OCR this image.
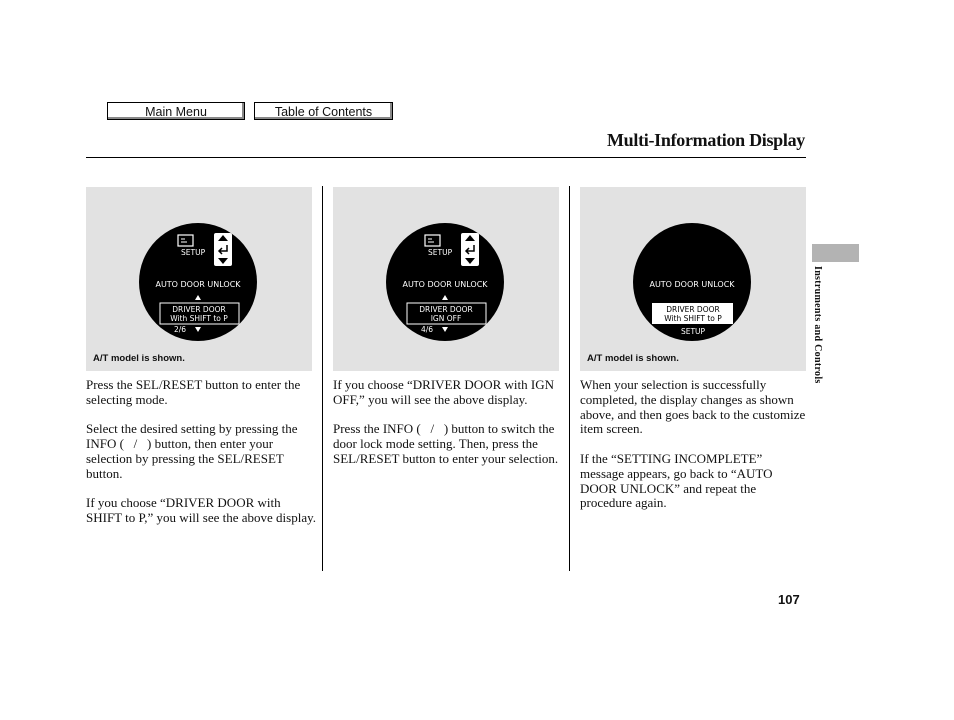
Main Menu	Table of Contents
Multi-Information Display
SETUP
AUTO DOOR UNLOCK
DRIVER DOOR
With SHIFT to P
2/6
A/T model is shown.
SETUP
AUTO DOOR UNLOCK
DRIVER DOOR
IGN OFF
4/6
AUTO DOOR UNLOCK
DRIVER DOOR
With SHIFT to P
SETUP
A/T model is shown.

Press the SEL/RESET button to enter the selecting mode.

Select the desired setting by pressing the INFO (   /   ) button, then enter your selection by pressing the SEL/RESET button.

If you choose “DRIVER DOOR with SHIFT to P,” you will see the above display.

If you choose “DRIVER DOOR with IGN OFF,” you will see the above display.

Press the INFO (   /   ) button to switch the door lock mode setting. Then, press the SEL/RESET button to enter your selection.

When your selection is successfully completed, the display changes as shown above, and then goes back to the customize item screen.

If the “SETTING INCOMPLETE” message appears, go back to “AUTO DOOR UNLOCK” and repeat the procedure again.

Instruments and Controls
107
